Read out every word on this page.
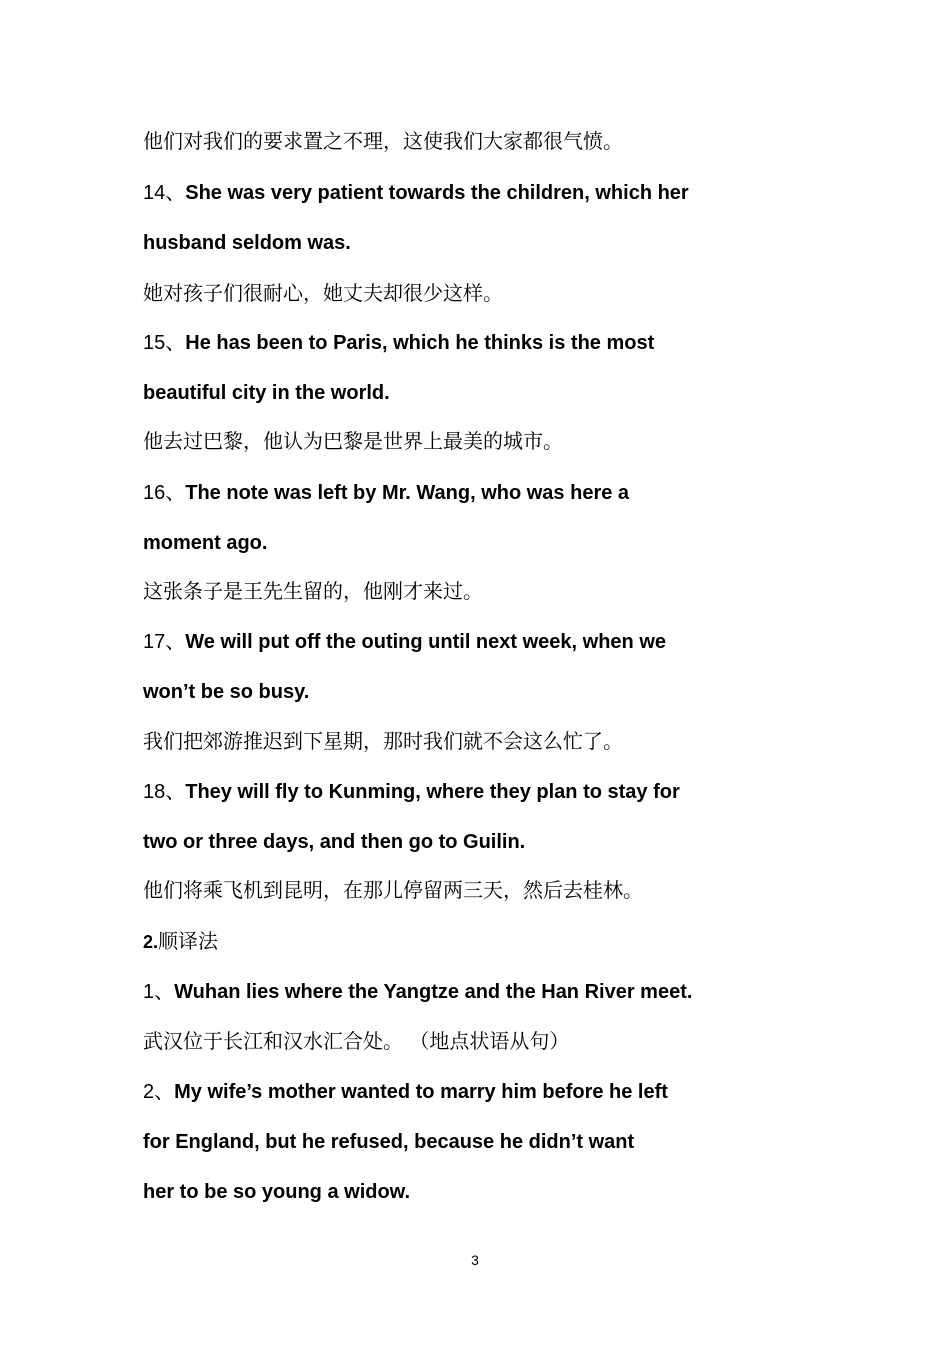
他们对我们的要求置之不理，这使我们大家都很气愤。
14、She was very patient towards the children, which her
husband seldom was.
她对孩子们很耐心，她丈夫却很少这样。
15、He has been to Paris, which he thinks is the most
beautiful city in the world.
他去过巴黎，他认为巴黎是世界上最美的城市。
16、The note was left by Mr. Wang, who was here a
moment ago.
这张条子是王先生留的，他刚才来过。
17、We will put off the outing until next week, when we
won’t be so busy.
我们把郊游推迟到下星期，那时我们就不会这么忙了。
18、They will fly to Kunming, where they plan to stay for
two or three days, and then go to Guilin.
他们将乘飞机到昆明，在那儿停留两三天，然后去桂林。
2.顺译法
1、Wuhan lies where the Yangtze and the Han River meet.
武汉位于长江和汉水汇合处。 （地点状语从句）
2、My wife’s mother wanted to marry him before he left
for England, but he refused, because he didn’t want
her to be so young a widow.
3
